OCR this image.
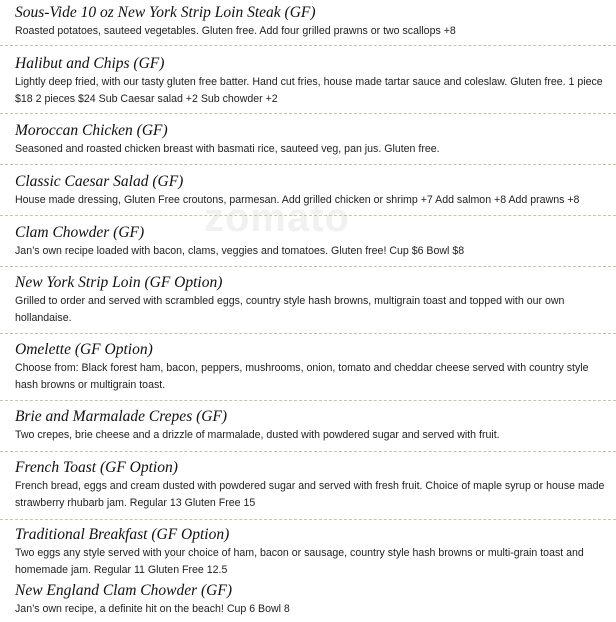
zomato
Sous-Vide 10 oz New York Strip Loin Steak (GF)
Roasted potatoes, sauteed vegetables. Gluten free. Add four grilled prawns or two scallops +8
Halibut and Chips (GF)
Lightly deep fried, with our tasty gluten free batter. Hand cut fries, house made tartar sauce and coleslaw. Gluten free. 1 piece $18 2 pieces $24 Sub Caesar salad +2 Sub chowder +2
Moroccan Chicken (GF)
Seasoned and roasted chicken breast with basmati rice, sauteed veg, pan jus. Gluten free.
Classic Caesar Salad (GF)
House made dressing, Gluten Free croutons, parmesan. Add grilled chicken or shrimp +7 Add salmon +8 Add prawns +8
Clam Chowder (GF)
Jan’s own recipe loaded with bacon, clams, veggies and tomatoes. Gluten free! Cup $6 Bowl $8
New York Strip Loin (GF Option)
Grilled to order and served with scrambled eggs, country style hash browns, multigrain toast and topped with our own hollandaise.
Omelette (GF Option)
Choose from: Black forest ham, bacon, peppers, mushrooms, onion, tomato and cheddar cheese served with country style hash browns or multigrain toast.
Brie and Marmalade Crepes (GF)
Two crepes, brie cheese and a drizzle of marmalade, dusted with powdered sugar and served with fruit.
French Toast (GF Option)
French bread, eggs and cream dusted with powdered sugar and served with fresh fruit. Choice of maple syrup or house made strawberry rhubarb jam. Regular 13 Gluten Free 15
Traditional Breakfast (GF Option)
Two eggs any style served with your choice of ham, bacon or sausage, country style hash browns or multi-grain toast and homemade jam. Regular 11 Gluten Free 12.5
New England Clam Chowder (GF)
Jan’s own recipe, a definite hit on the beach! Cup 6 Bowl 8
